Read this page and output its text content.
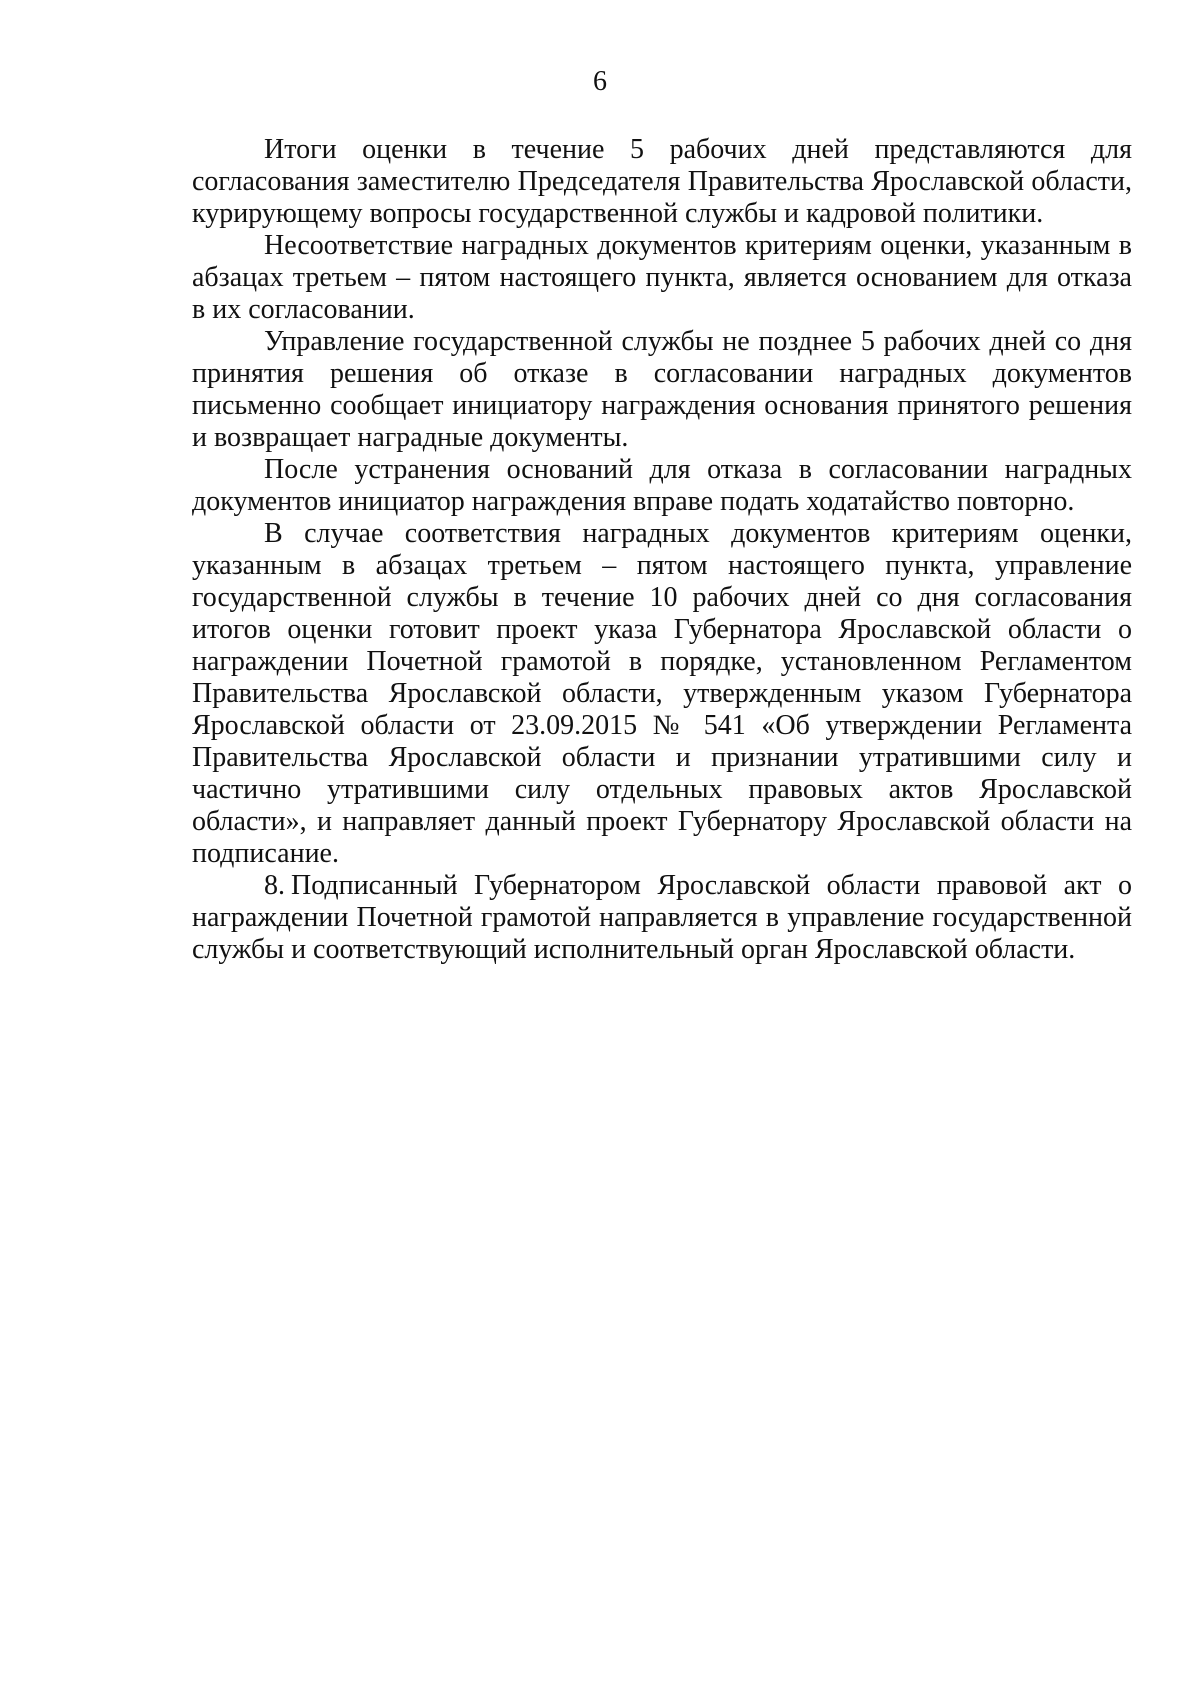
6

Итоги оценки в течение 5 рабочих дней представляются для согласования заместителю Председателя Правительства Ярославской области, курирующему вопросы государственной службы и кадровой политики.

Несоответствие наградных документов критериям оценки, указанным в абзацах третьем – пятом настоящего пункта, является основанием для отказа в их согласовании.

Управление государственной службы не позднее 5 рабочих дней со дня принятия решения об отказе в согласовании наградных документов письменно сообщает инициатору награждения основания принятого решения и возвращает наградные документы.

После устранения оснований для отказа в согласовании наградных документов инициатор награждения вправе подать ходатайство повторно.

В случае соответствия наградных документов критериям оценки, указанным в абзацах третьем – пятом настоящего пункта, управление государственной службы в течение 10 рабочих дней со дня согласования итогов оценки готовит проект указа Губернатора Ярославской области о награждении Почетной грамотой в порядке, установленном Регламентом Правительства Ярославской области, утвержденным указом Губернатора Ярославской области от 23.09.2015 № 541 «Об утверждении Регламента Правительства Ярославской области и признании утратившими силу и частично утратившими силу отдельных правовых актов Ярославской области», и направляет данный проект Губернатору Ярославской области на подписание.

8. Подписанный Губернатором Ярославской области правовой акт о награждении Почетной грамотой направляется в управление государственной службы и соответствующий исполнительный орган Ярославской области.
